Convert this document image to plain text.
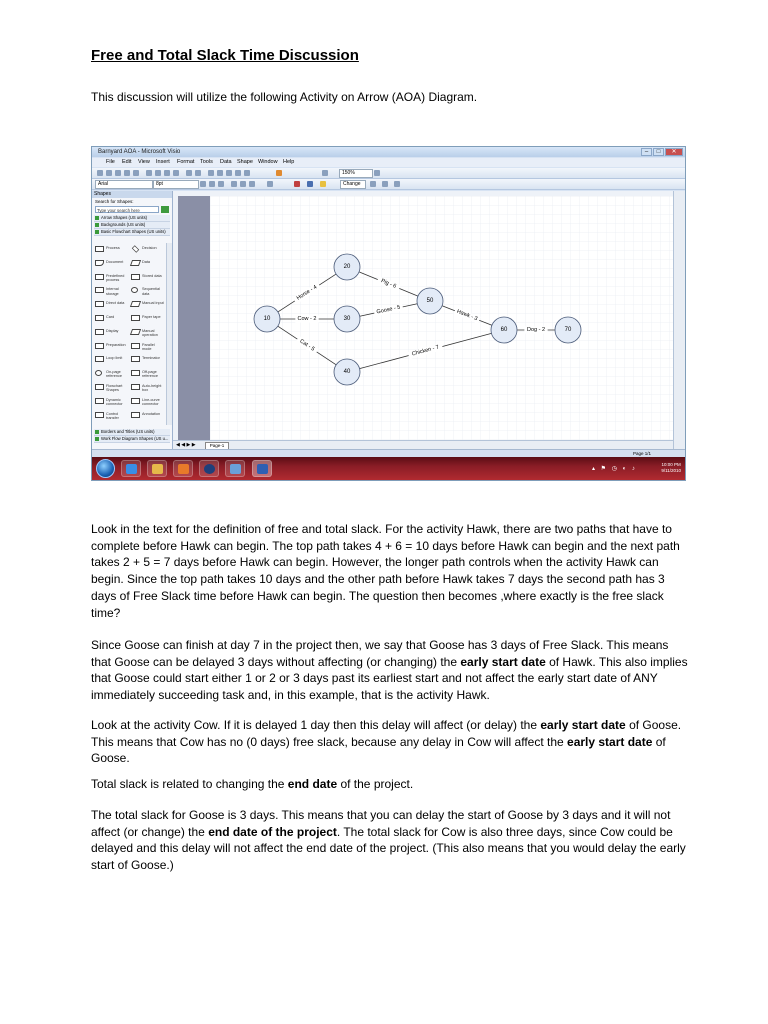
Free and Total Slack Time Discussion
This discussion will utilize the following Activity on Arrow (AOA) Diagram.
Barnyard AOA - Microsoft Visio	–	□	✕
File Edit View Insert Format Tools Data Shape Window Help
150%
Arial	8pt	Change
Shapes
Search for Shapes:
Type your search here
Arrow Shapes (US units)
Backgrounds (US units)
Basic Flowchart Shapes (US units)
Process	Decision
Document	Data
Predefined process
Stored data
Internal storage
Sequential data
Direct data	Manual input
Card	Paper tape
Display	Manual operation
Preparation	Parallel mode
Loop limit	Terminator
On-page reference
Off-page reference
Flowchart Shapes
Auto-height box
Dynamic connector
Line-curve connector
Control transfer
Annotation
Borders and Titles (US units)
Work Flow Diagram Shapes (US u...
Horse - 4
Cow - 2
Cat - 5
Pig - 6
Goose - 5	Hawk - 3
Chicken - 7
Dog - 2
10
20
30
40
50
60	70
◀ ◀ ▶ ▶	Page-1
Page 1/1
▴ ⚑ ◷ ◐ ♪
10:00 PM
9/11/2010

Look in the text for the definition of free and total slack. For the activity Hawk, there are two paths that have to complete before Hawk can begin. The top path takes 4 + 6 = 10 days before Hawk can begin and the next path takes 2 + 5 = 7 days before Hawk can begin. However, the longer path controls when the activity Hawk can begin. Since the top path takes 10 days and the other path before Hawk takes 7 days the second path has 3 days of Free Slack time before Hawk can begin. The question then becomes ,where exactly is the free slack time?

Since Goose can finish at day 7 in the project then, we say that Goose has 3 days of Free Slack. This means that Goose can be delayed 3 days without affecting (or changing) the early start date of Hawk. This also implies that Goose could start either 1 or 2 or 3 days past its earliest start and not affect the early start date of ANY immediately succeeding task and, in this example, that is the activity Hawk.

Look at the activity Cow. If it is delayed 1 day then this delay will affect (or delay) the early start date of Goose. This means that Cow has no (0 days) free slack, because any delay in Cow will affect the early start date of Goose.

Total slack is related to changing the end date of the project.

The total slack for Goose is 3 days. This means that you can delay the start of Goose by 3 days and it will not affect (or change) the end date of the project. The total slack for Cow is also three days, since Cow could be delayed and this delay will not affect the end date of the project. (This also means that you would delay the early start of Goose.)
